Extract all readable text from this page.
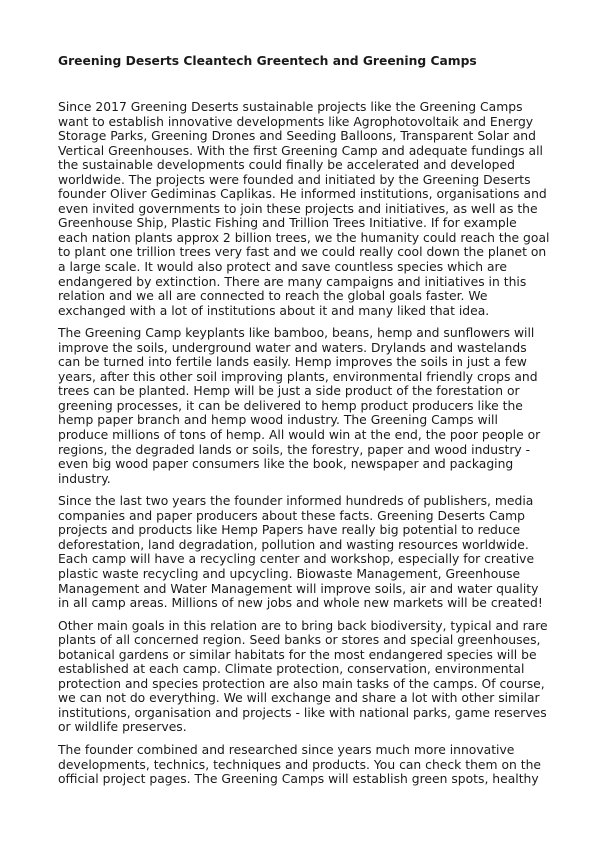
Greening Deserts Cleantech Greentech and Greening Camps

Since 2017 Greening Deserts sustainable projects like the Greening Camps
want to establish innovative developments like Agrophotovoltaik and Energy
Storage Parks, Greening Drones and Seeding Balloons, Transparent Solar and
Vertical Greenhouses. With the first Greening Camp and adequate fundings all
the sustainable developments could finally be accelerated and developed
worldwide. The projects were founded and initiated by the Greening Deserts
founder Oliver Gediminas Caplikas. He informed institutions, organisations and
even invited governments to join these projects and initiatives, as well as the
Greenhouse Ship, Plastic Fishing and Trillion Trees Initiative. If for example
each nation plants approx 2 billion trees, we the humanity could reach the goal
to plant one trillion trees very fast and we could really cool down the planet on
a large scale. It would also protect and save countless species which are
endangered by extinction. There are many campaigns and initiatives in this
relation and we all are connected to reach the global goals faster. We
exchanged with a lot of institutions about it and many liked that idea.

The Greening Camp keyplants like bamboo, beans, hemp and sunflowers will
improve the soils, underground water and waters. Drylands and wastelands
can be turned into fertile lands easily. Hemp improves the soils in just a few
years, after this other soil improving plants, environmental friendly crops and
trees can be planted. Hemp will be just a side product of the forestation or
greening processes, it can be delivered to hemp product producers like the
hemp paper branch and hemp wood industry. The Greening Camps will
produce millions of tons of hemp. All would win at the end, the poor people or
regions, the degraded lands or soils, the forestry, paper and wood industry -
even big wood paper consumers like the book, newspaper and packaging
industry.

Since the last two years the founder informed hundreds of publishers, media
companies and paper producers about these facts. Greening Deserts Camp
projects and products like Hemp Papers have really big potential to reduce
deforestation, land degradation, pollution and wasting resources worldwide.
Each camp will have a recycling center and workshop, especially for creative
plastic waste recycling and upcycling. Biowaste Management, Greenhouse
Management and Water Management will improve soils, air and water quality
in all camp areas. Millions of new jobs and whole new markets will be created!

Other main goals in this relation are to bring back biodiversity, typical and rare
plants of all concerned region. Seed banks or stores and special greenhouses,
botanical gardens or similar habitats for the most endangered species will be
established at each camp. Climate protection, conservation, environmental
protection and species protection are also main tasks of the camps. Of course,
we can not do everything. We will exchange and share a lot with other similar
institutions, organisation and projects - like with national parks, game reserves
or wildlife preserves.

The founder combined and researched since years much more innovative
developments, technics, techniques and products. You can check them on the
official project pages. The Greening Camps will establish green spots, healthy
